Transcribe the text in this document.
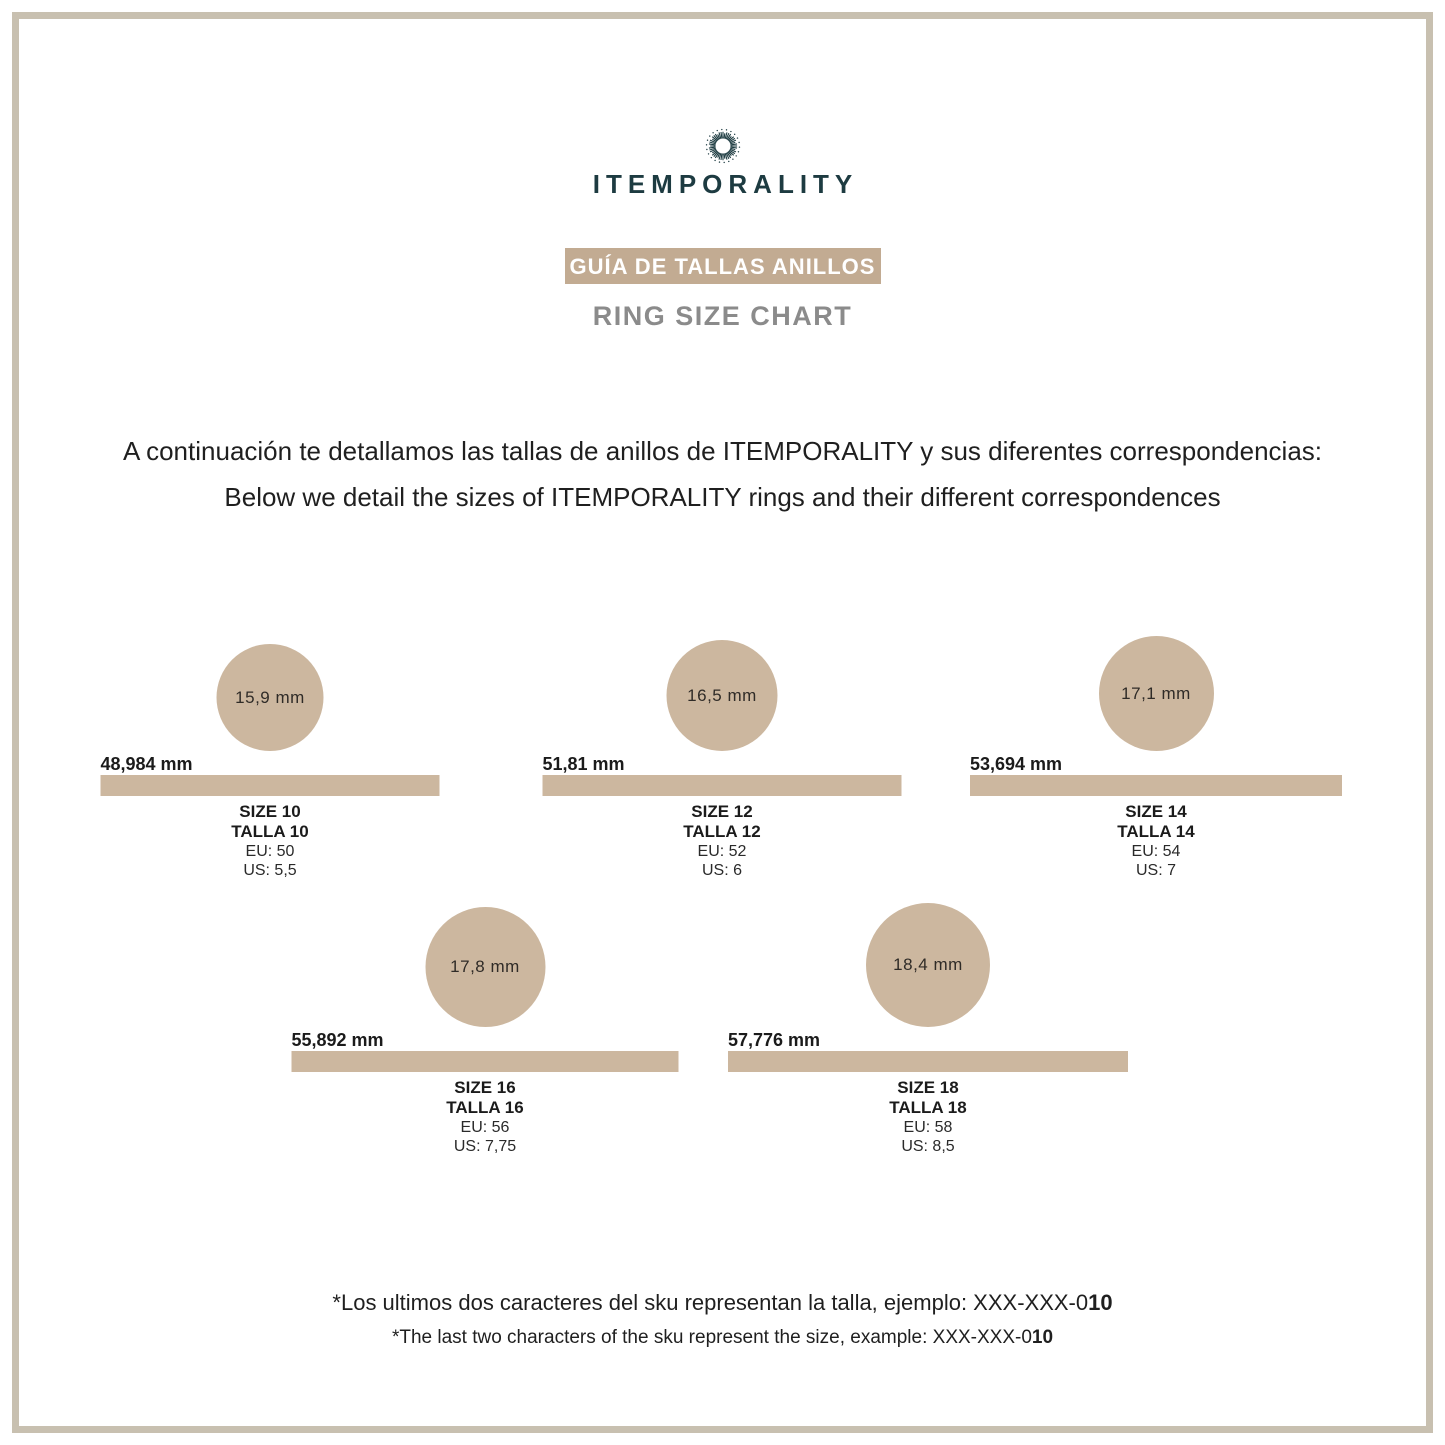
ITEMPORALITY
GUÍA DE TALLAS ANILLOS
RING SIZE CHART

A continuación te detallamos las tallas de anillos de ITEMPORALITY y sus diferentes correspondencias:

Below we detail the sizes of ITEMPORALITY rings and their different correspondences

15,9 mm
48,984 mm
SIZE 10
TALLA 10
EU: 50
US: 5,5
16,5 mm
51,81 mm
SIZE 12
TALLA 12
EU: 52
US: 6
17,1 mm
53,694 mm
SIZE 14
TALLA 14
EU: 54
US: 7
17,8 mm
55,892 mm
SIZE 16
TALLA 16
EU: 56
US: 7,75
18,4 mm
57,776 mm
SIZE 18
TALLA 18
EU: 58
US: 8,5

*Los ultimos dos caracteres del sku representan la talla, ejemplo: XXX-XXX-010

*The last two characters of the sku represent the size, example: XXX-XXX-010
